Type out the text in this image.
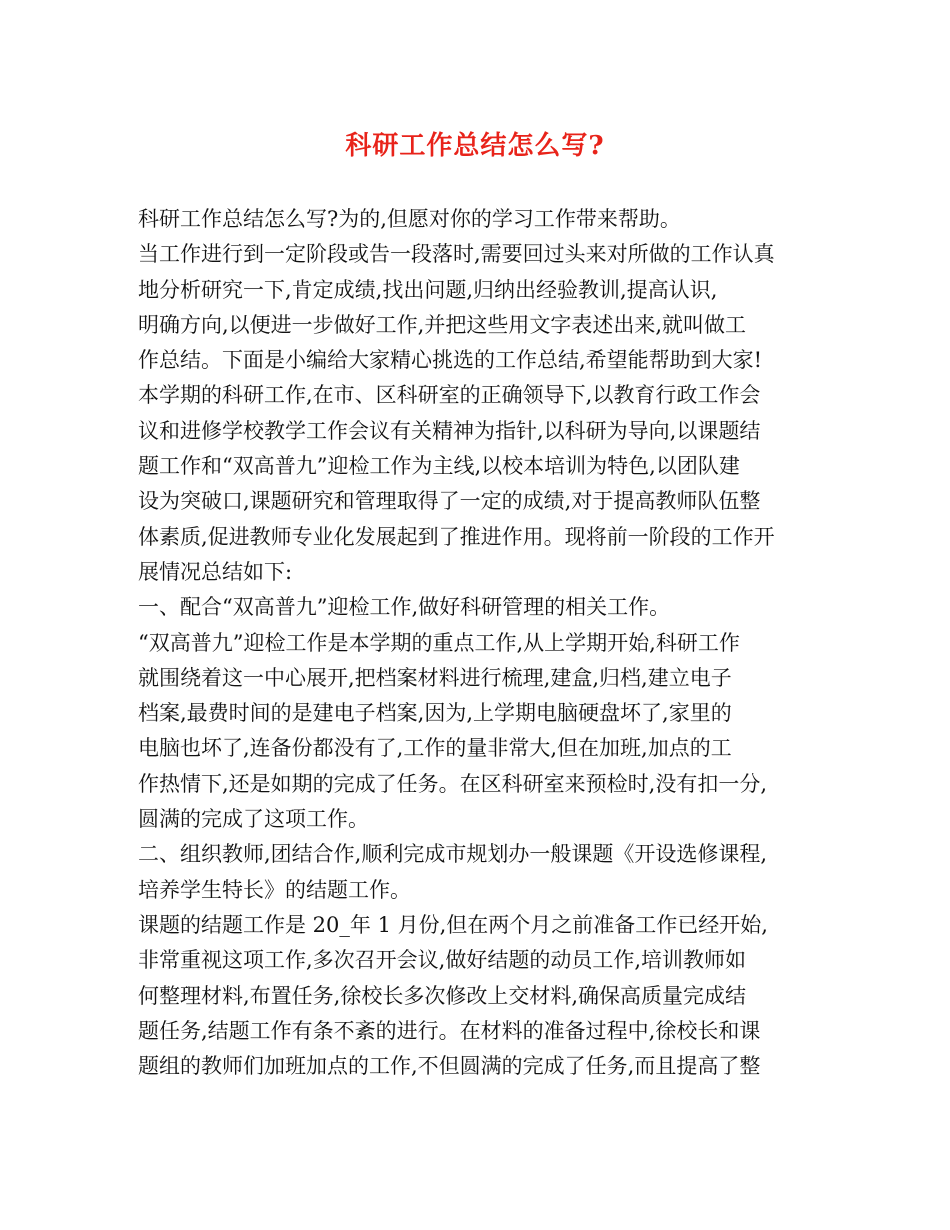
科研工作总结怎么写?
科研工作总结怎么写?为的,但愿对你的学习工作带来帮助。
当工作进行到一定阶段或告一段落时,需要回过头来对所做的工作认真
地分析研究一下,肯定成绩,找出问题,归纳出经验教训,提高认识,
明确方向,以便进一步做好工作,并把这些用文字表述出来,就叫做工
作总结。下面是小编给大家精心挑选的工作总结,希望能帮助到大家!
本学期的科研工作,在市、区科研室的正确领导下,以教育行政工作会
议和进修学校教学工作会议有关精神为指针,以科研为导向,以课题结
题工作和“双高普九”迎检工作为主线,以校本培训为特色,以团队建
设为突破口,课题研究和管理取得了一定的成绩,对于提高教师队伍整
体素质,促进教师专业化发展起到了推进作用。现将前一阶段的工作开
展情况总结如下:
一、配合“双高普九”迎检工作,做好科研管理的相关工作。
“双高普九”迎检工作是本学期的重点工作,从上学期开始,科研工作
就围绕着这一中心展开,把档案材料进行梳理,建盒,归档,建立电子
档案,最费时间的是建电子档案,因为,上学期电脑硬盘坏了,家里的
电脑也坏了,连备份都没有了,工作的量非常大,但在加班,加点的工
作热情下,还是如期的完成了任务。在区科研室来预检时,没有扣一分,
圆满的完成了这项工作。
二、组织教师,团结合作,顺利完成市规划办一般课题《开设选修课程,
培养学生特长》的结题工作。
课题的结题工作是 20_年 1 月份,但在两个月之前准备工作已经开始,
非常重视这项工作,多次召开会议,做好结题的动员工作,培训教师如
何整理材料,布置任务,徐校长多次修改上交材料,确保高质量完成结
题任务,结题工作有条不紊的进行。在材料的准备过程中,徐校长和课
题组的教师们加班加点的工作,不但圆满的完成了任务,而且提高了整
